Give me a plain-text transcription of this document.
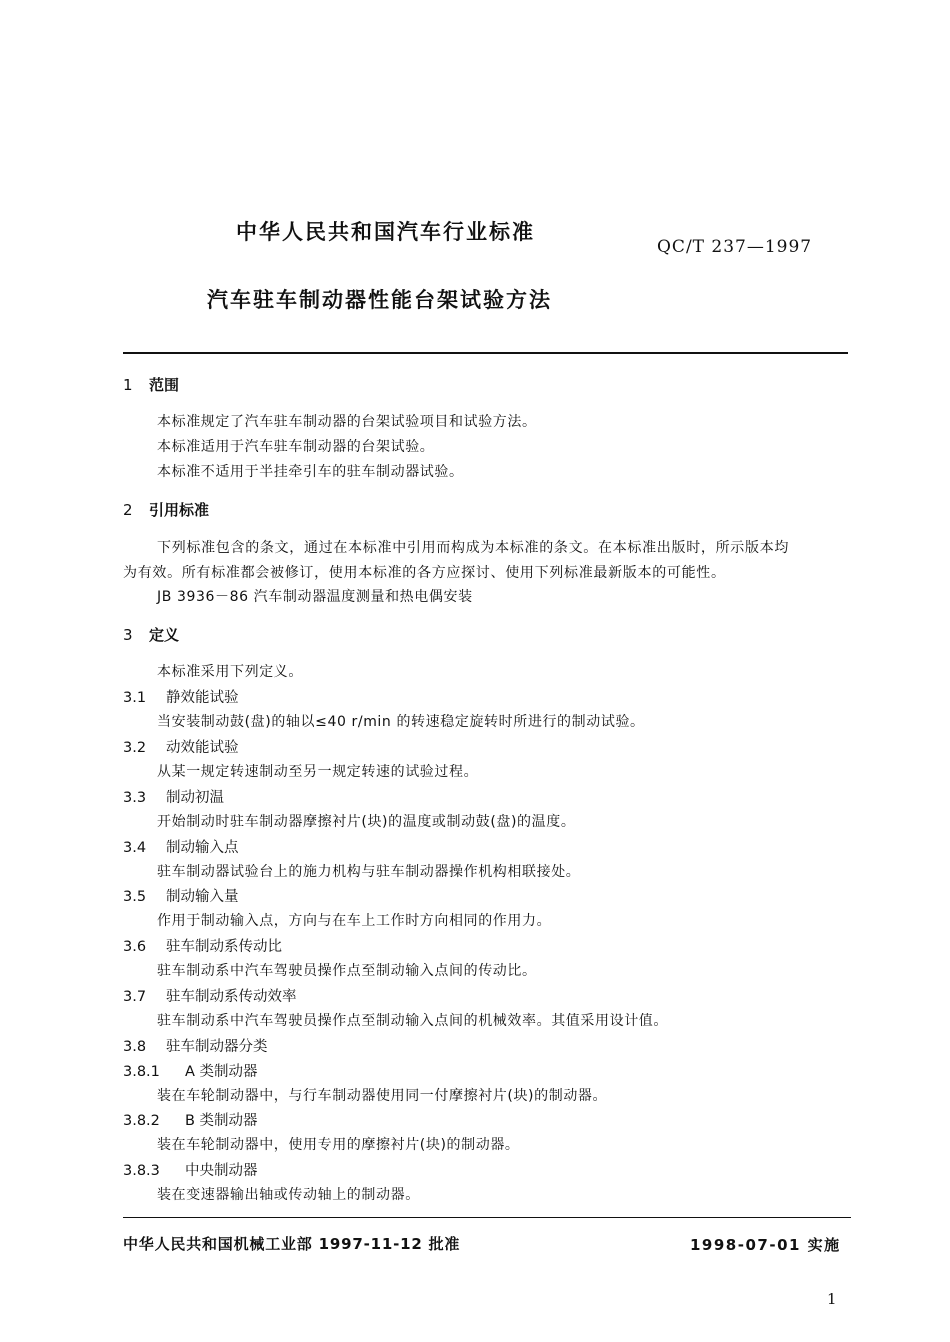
中华人民共和国汽车行业标准
QC/T 237—1997
汽车驻车制动器性能台架试验方法
1 范围
本标准规定了汽车驻车制动器的台架试验项目和试验方法。
本标准适用于汽车驻车制动器的台架试验。
本标准不适用于半挂牵引车的驻车制动器试验。
2 引用标准
下列标准包含的条文，通过在本标准中引用而构成为本标准的条文。在本标准出版时，所示版本均
为有效。所有标准都会被修订，使用本标准的各方应探讨、使用下列标准最新版本的可能性。
JB 3936－86 汽车制动器温度测量和热电偶安装
3 定义
本标准采用下列定义。
3.1 静效能试验
当安装制动鼓(盘)的轴以≤40 r/min 的转速稳定旋转时所进行的制动试验。
3.2 动效能试验
从某一规定转速制动至另一规定转速的试验过程。
3.3 制动初温
开始制动时驻车制动器摩擦衬片(块)的温度或制动鼓(盘)的温度。
3.4 制动输入点
驻车制动器试验台上的施力机构与驻车制动器操作机构相联接处。
3.5 制动输入量
作用于制动输入点，方向与在车上工作时方向相同的作用力。
3.6 驻车制动系传动比
驻车制动系中汽车驾驶员操作点至制动输入点间的传动比。
3.7 驻车制动系传动效率
驻车制动系中汽车驾驶员操作点至制动输入点间的机械效率。其值采用设计值。
3.8 驻车制动器分类
3.8.1 A 类制动器
装在车轮制动器中，与行车制动器使用同一付摩擦衬片(块)的制动器。
3.8.2 B 类制动器
装在车轮制动器中，使用专用的摩擦衬片(块)的制动器。
3.8.3 中央制动器
装在变速器输出轴或传动轴上的制动器。
中华人民共和国机械工业部 1997-11-12 批准	1998-07-01 实施
1
